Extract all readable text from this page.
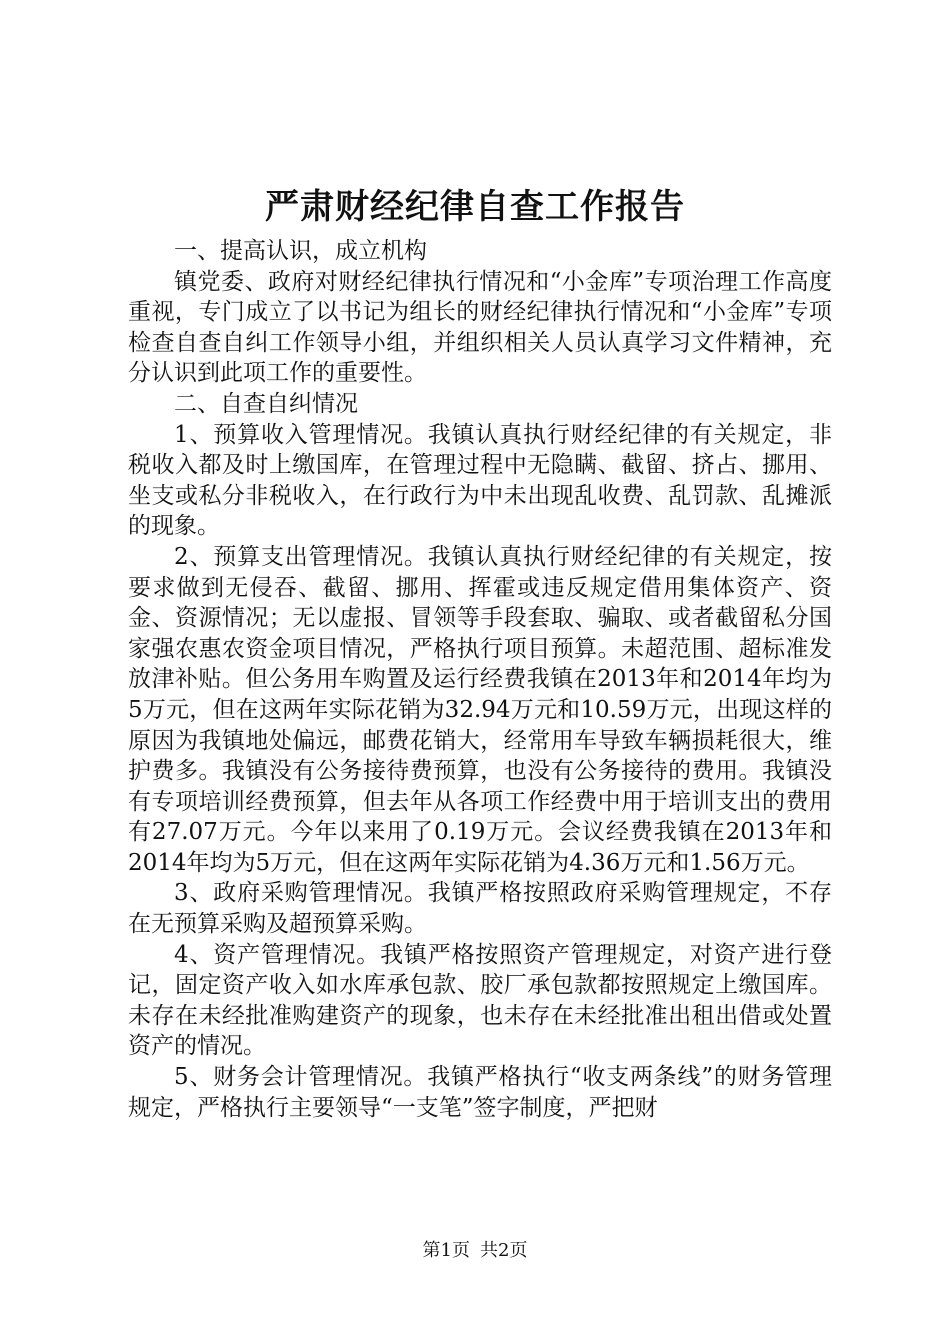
严肃财经纪律自查工作报告

一、提高认识，成立机构

镇党委、政府对财经纪律执行情况和“小金库”专项治理工作高度重视，专门成立了以书记为组长的财经纪律执行情况和“小金库”专项检查自查自纠工作领导小组，并组织相关人员认真学习文件精神，充分认识到此项工作的重要性。

二、自查自纠情况

1、预算收入管理情况。我镇认真执行财经纪律的有关规定，非税收入都及时上缴国库，在管理过程中无隐瞒、截留、挤占、挪用、坐支或私分非税收入，在行政行为中未出现乱收费、乱罚款、乱摊派的现象。

2、预算支出管理情况。我镇认真执行财经纪律的有关规定，按要求做到无侵吞、截留、挪用、挥霍或违反规定借用集体资产、资金、资源情况；无以虚报、冒领等手段套取、骗取、或者截留私分国家强农惠农资金项目情况，严格执行项目预算。未超范围、超标准发放津补贴。但公务用车购置及运行经费我镇在2013年和2014年均为5万元，但在这两年实际花销为32.94万元和10.59万元，出现这样的原因为我镇地处偏远，邮费花销大，经常用车导致车辆损耗很大，维护费多。我镇没有公务接待费预算，也没有公务接待的费用。我镇没有专项培训经费预算，但去年从各项工作经费中用于培训支出的费用有27.07万元。今年以来用了0.19万元。会议经费我镇在2013年和2014年均为5万元，但在这两年实际花销为4.36万元和1.56万元。

3、政府采购管理情况。我镇严格按照政府采购管理规定，不存在无预算采购及超预算采购。

4、资产管理情况。我镇严格按照资产管理规定，对资产进行登记，固定资产收入如水库承包款、胶厂承包款都按照规定上缴国库。未存在未经批准购建资产的现象，也未存在未经批准出租出借或处置资产的情况。

5、财务会计管理情况。我镇严格执行“收支两条线”的财务管理规定，严格执行主要领导“一支笔”签字制度，严把财

第1页 共2页
